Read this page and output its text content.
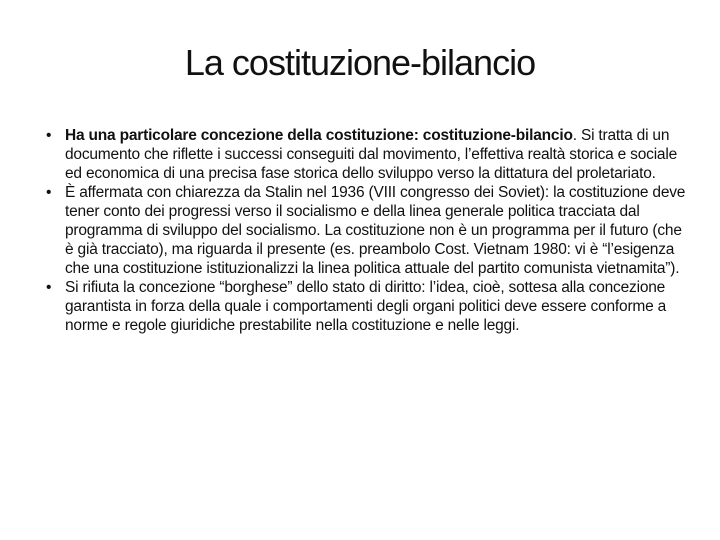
La costituzione-bilancio
• Ha una particolare concezione della costituzione: costituzione-bilancio. Si tratta di un documento che riflette i successi conseguiti dal movimento, l’effettiva realtà storica e sociale ed economica di una precisa fase storica dello sviluppo verso la dittatura del proletariato.
• È affermata con chiarezza da Stalin nel 1936 (VIII congresso dei Soviet): la costituzione deve tener conto dei progressi verso il socialismo e della linea generale politica tracciata dal programma di sviluppo del socialismo. La costituzione non è un programma per il futuro (che è già tracciato), ma riguarda il presente (es. preambolo Cost. Vietnam 1980: vi è “l’esigenza che una costituzione istituzionalizzi la linea politica attuale del partito comunista vietnamita”).
• Si rifiuta la concezione “borghese” dello stato di diritto: l’idea, cioè, sottesa alla concezione garantista in forza della quale i comportamenti degli organi politici deve essere conforme a norme e regole giuridiche prestabilite nella costituzione e nelle leggi.
